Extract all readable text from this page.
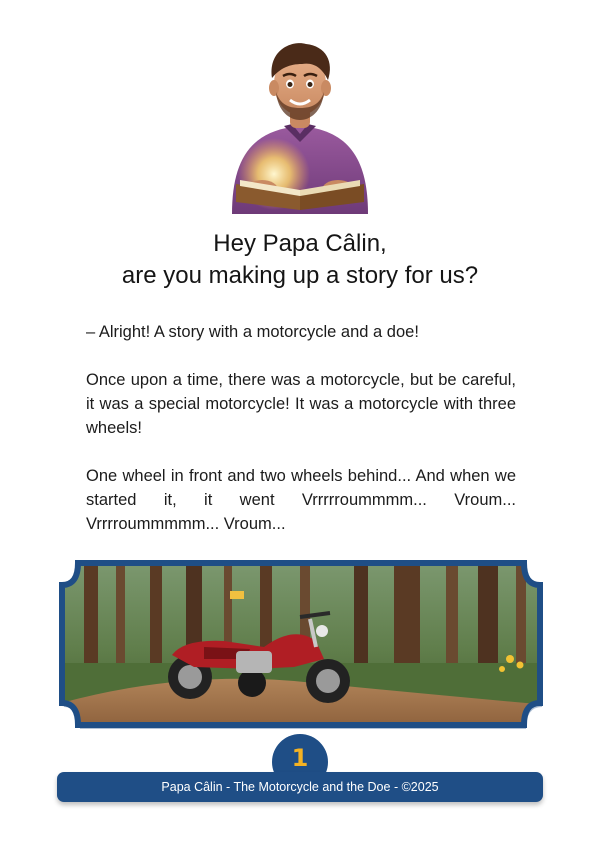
Hey Papa Câlin,
are you making up a story for us?

– Alright! A story with a motorcycle and a doe!

Once upon a time, there was a motorcycle, but be careful, it was a special motorcycle! It was a motorcycle with three wheels!

One wheel in front and two wheels behind... And when we started it, it went Vrrrrroummmm... Vroum... Vrrrroummmmm... Vroum...

1
Papa Câlin - The Motorcycle and the Doe - ©2025
